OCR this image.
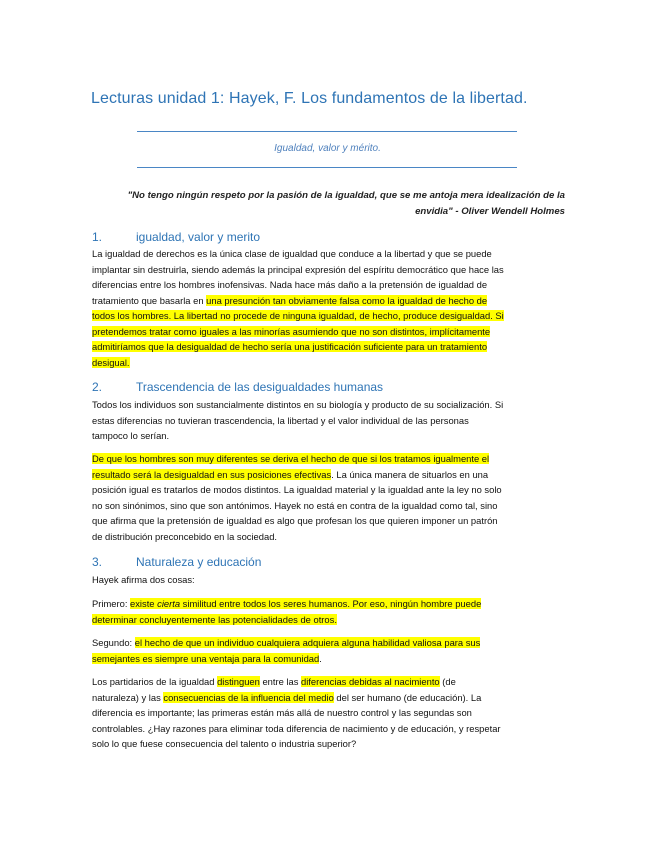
Lecturas unidad 1: Hayek, F. Los fundamentos de la libertad.
Igualdad, valor y mérito.
"No tengo ningún respeto por la pasión de la igualdad, que se me antoja mera idealización de la
envidia" - Oliver Wendell Holmes
1.	igualdad, valor y merito
La igualdad de derechos es la única clase de igualdad que conduce a la libertad y que se puede
implantar sin destruirla, siendo además la principal expresión del espíritu democrático que hace las
diferencias entre los hombres inofensivas. Nada hace más daño a la pretensión de igualdad de
tratamiento que basarla en una presunción tan obviamente falsa como la igualdad de hecho de
todos los hombres. La libertad no procede de ninguna igualdad, de hecho, produce desigualdad. Si
pretendemos tratar como iguales a las minorías asumiendo que no son distintos, implícitamente
admitiríamos que la desigualdad de hecho sería una justificación suficiente para un tratamiento
desigual.
2.	Trascendencia de las desigualdades humanas
Todos los individuos son sustancialmente distintos en su biología y producto de su socialización. Si
estas diferencias no tuvieran trascendencia, la libertad y el valor individual de las personas
tampoco lo serían.
De que los hombres son muy diferentes se deriva el hecho de que si los tratamos igualmente el
resultado será la desigualdad en sus posiciones efectivas. La única manera de situarlos en una
posición igual es tratarlos de modos distintos. La igualdad material y la igualdad ante la ley no solo
no son sinónimos, sino que son antónimos. Hayek no está en contra de la igualdad como tal, sino
que afirma que la pretensión de igualdad es algo que profesan los que quieren imponer un patrón
de distribución preconcebido en la sociedad.
3.	Naturaleza y educación
Hayek afirma dos cosas:
Primero: existe cierta similitud entre todos los seres humanos. Por eso, ningún hombre puede
determinar concluyentemente las potencialidades de otros.
Segundo: el hecho de que un individuo cualquiera adquiera alguna habilidad valiosa para sus
semejantes es siempre una ventaja para la comunidad.
Los partidarios de la igualdad distinguen entre las diferencias debidas al nacimiento (de
naturaleza) y las consecuencias de la influencia del medio del ser humano (de educación). La
diferencia es importante; las primeras están más allá de nuestro control y las segundas son
controlables. ¿Hay razones para eliminar toda diferencia de nacimiento y de educación, y respetar
solo lo que fuese consecuencia del talento o industria superior?
